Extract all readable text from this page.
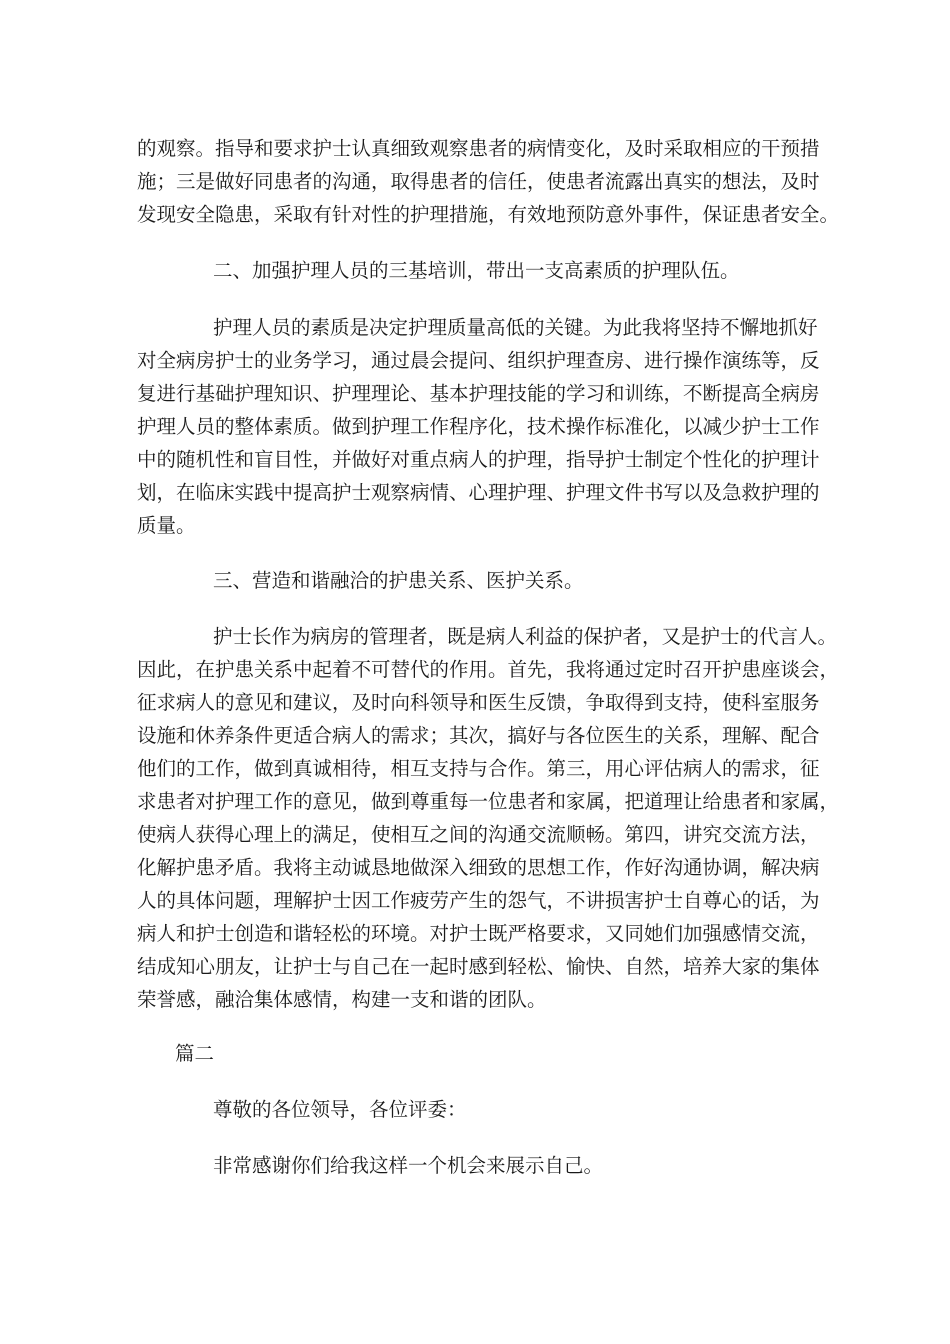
的观察。指导和要求护士认真细致观察患者的病情变化，及时采取相应的干预措
施；三是做好同患者的沟通，取得患者的信任，使患者流露出真实的想法，及时
发现安全隐患，采取有针对性的护理措施，有效地预防意外事件，保证患者安全。
二、加强护理人员的三基培训，带出一支高素质的护理队伍。
护理人员的素质是决定护理质量高低的关键。为此我将坚持不懈地抓好
对全病房护士的业务学习，通过晨会提问、组织护理查房、进行操作演练等，反
复进行基础护理知识、护理理论、基本护理技能的学习和训练，不断提高全病房
护理人员的整体素质。做到护理工作程序化，技术操作标准化，以减少护士工作
中的随机性和盲目性，并做好对重点病人的护理，指导护士制定个性化的护理计
划，在临床实践中提高护士观察病情、心理护理、护理文件书写以及急救护理的
质量。
三、营造和谐融洽的护患关系、医护关系。
护士长作为病房的管理者，既是病人利益的保护者，又是护士的代言人。
因此，在护患关系中起着不可替代的作用。首先，我将通过定时召开护患座谈会，
征求病人的意见和建议，及时向科领导和医生反馈，争取得到支持，使科室服务
设施和休养条件更适合病人的需求；其次，搞好与各位医生的关系，理解、配合
他们的工作，做到真诚相待，相互支持与合作。第三，用心评估病人的需求，征
求患者对护理工作的意见，做到尊重每一位患者和家属，把道理让给患者和家属，
使病人获得心理上的满足，使相互之间的沟通交流顺畅。第四，讲究交流方法，
化解护患矛盾。我将主动诚恳地做深入细致的思想工作，作好沟通协调，解决病
人的具体问题，理解护士因工作疲劳产生的怨气，不讲损害护士自尊心的话，为
病人和护士创造和谐轻松的环境。对护士既严格要求，又同她们加强感情交流，
结成知心朋友，让护士与自己在一起时感到轻松、愉快、自然，培养大家的集体
荣誉感，融洽集体感情，构建一支和谐的团队。
篇二
尊敬的各位领导，各位评委：
非常感谢你们给我这样一个机会来展示自己。
